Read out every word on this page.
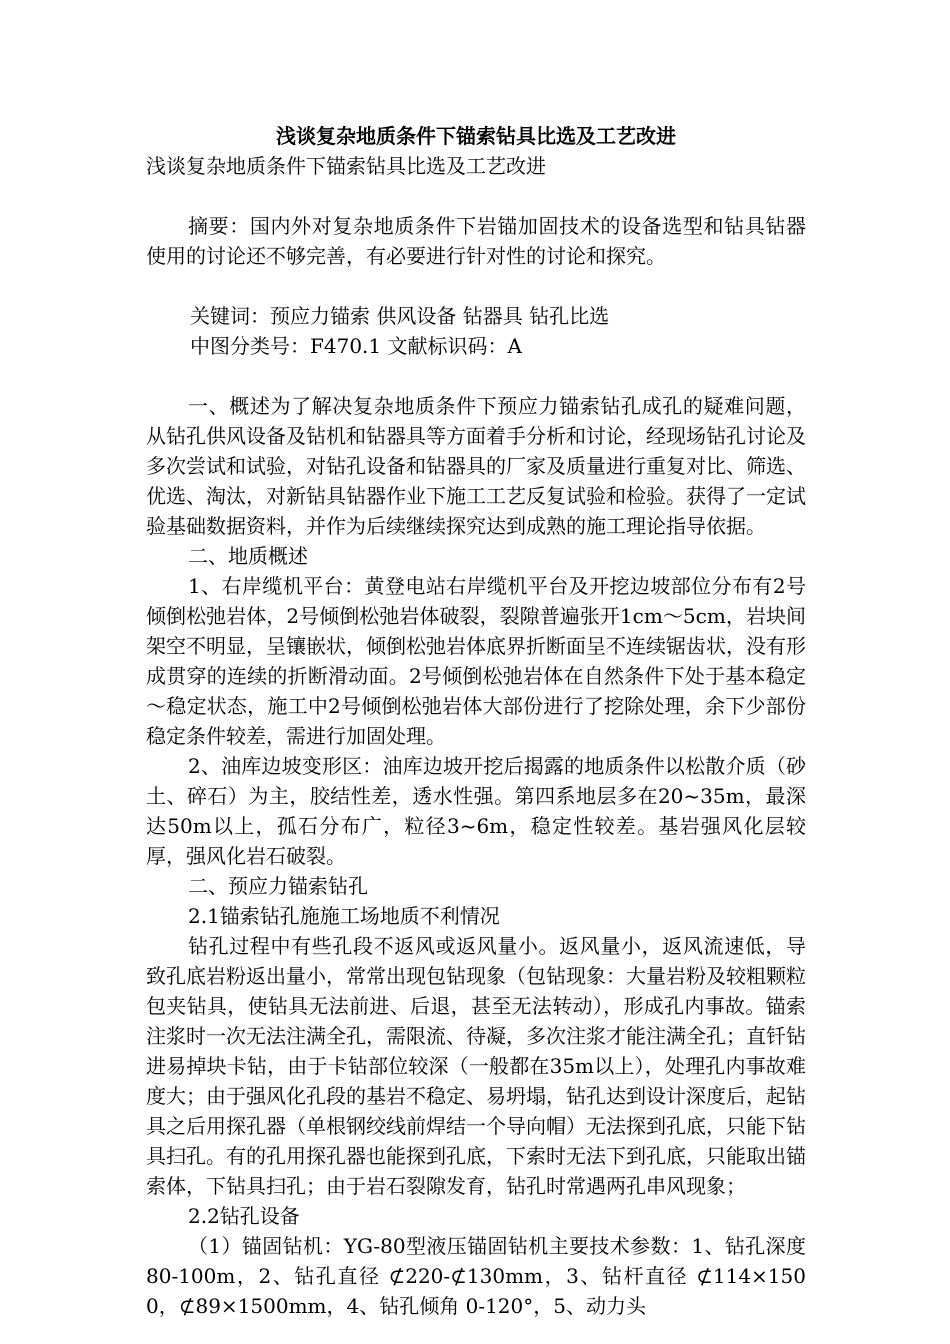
浅谈复杂地质条件下锚索钻具比选及工艺改进

浅谈复杂地质条件下锚索钻具比选及工艺改进

摘要：国内外对复杂地质条件下岩锚加固技术的设备选型和钻具钻器使用的讨论还不够完善，有必要进行针对性的讨论和探究。

关键词：预应力锚索 供风设备 钻器具 钻孔比选

中图分类号：F470.1 文献标识码：A

一、概述为了解决复杂地质条件下预应力锚索钻孔成孔的疑难问题，从钻孔供风设备及钻机和钻器具等方面着手分析和讨论，经现场钻孔讨论及多次尝试和试验，对钻孔设备和钻器具的厂家及质量进行重复对比、筛选、优选、淘汰，对新钻具钻器作业下施工工艺反复试验和检验。获得了一定试验基础数据资料，并作为后续继续探究达到成熟的施工理论指导依据。

二、地质概述

1、右岸缆机平台：黄登电站右岸缆机平台及开挖边坡部位分布有2号倾倒松弛岩体，2号倾倒松弛岩体破裂，裂隙普遍张开1cm～5cm，岩块间架空不明显，呈镶嵌状，倾倒松弛岩体底界折断面呈不连续锯齿状，没有形成贯穿的连续的折断滑动面。2号倾倒松弛岩体在自然条件下处于基本稳定～稳定状态，施工中2号倾倒松弛岩体大部份进行了挖除处理，余下少部份稳定条件较差，需进行加固处理。

2、油库边坡变形区：油库边坡开挖后揭露的地质条件以松散介质（砂土、碎石）为主，胶结性差，透水性强。第四系地层多在20~35m，最深达50m以上，孤石分布广，粒径3~6m，稳定性较差。基岩强风化层较厚，强风化岩石破裂。

二、预应力锚索钻孔

2.1锚索钻孔施施工场地质不利情况

钻孔过程中有些孔段不返风或返风量小。返风量小，返风流速低，导致孔底岩粉返出量小，常常出现包钻现象（包钻现象：大量岩粉及较粗颗粒包夹钻具，使钻具无法前进、后退，甚至无法转动），形成孔内事故。锚索注浆时一次无法注满全孔，需限流、待凝，多次注浆才能注满全孔；直钎钻进易掉块卡钻，由于卡钻部位较深（一般都在35m以上），处理孔内事故难度大；由于强风化孔段的基岩不稳定、易坍塌，钻孔达到设计深度后，起钻具之后用探孔器（单根钢绞线前焊结一个导向帽）无法探到孔底，只能下钻具扫孔。有的孔用探孔器也能探到孔底，下索时无法下到孔底，只能取出锚索体，下钻具扫孔；由于岩石裂隙发育，钻孔时常遇两孔串风现象；

2.2钻孔设备

（1）锚固钻机：YG-80型液压锚固钻机主要技术参数：1、钻孔深度 80-100m，2、钻孔直径 ⊄220-⊄130mm，3、钻杆直径 ⊄114×1500，⊄89×1500mm，4、钻孔倾角 0-120°，5、动力头
